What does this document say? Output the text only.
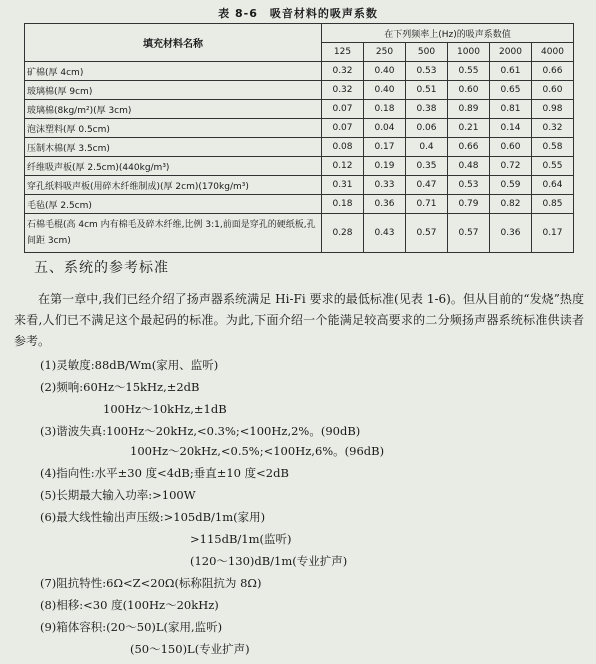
表 8-6　吸音材料的吸声系数
填充材料名称	在下列频率上(Hz)的吸声系数值					
	125	250	500	1000	2000	4000
矿棉(厚 4cm)	0.32	0.40	0.53	0.55	0.61	0.66
玻璃棉(厚 9cm)	0.32	0.40	0.51	0.60	0.65	0.60
玻璃棉(8kg/m²)(厚 3cm)	0.07	0.18	0.38	0.89	0.81	0.98
泡沫塑料(厚 0.5cm)	0.07	0.04	0.06	0.21	0.14	0.32
压制木棉(厚 3.5cm)	0.08	0.17	0.4	0.66	0.60	0.58
纤维吸声板(厚 2.5cm)(440kg/m³)	0.12	0.19	0.35	0.48	0.72	0.55
穿孔纸料吸声板(用碎木纤维制成)(厚 2cm)(170kg/m³)	0.31	0.33	0.47	0.53	0.59	0.64
毛毡(厚 2.5cm)	0.18	0.36	0.71	0.79	0.82	0.85
石棉毛棍(高 4cm 内有棉毛及碎木纤维,比例 3:1,前面是穿孔的硬纸板,孔间距 3cm)	0.28	0.43	0.57	0.57	0.36	0.17
五、系统的参考标准
在第一章中,我们已经介绍了扬声器系统满足 Hi-Fi 要求的最低标准(见表 1-6)。但从目前的“发烧”热度来看,人们已不满足这个最起码的标准。为此,下面介绍一个能满足较高要求的二分频扬声器系统标准供读者参考。
(1)灵敏度:88dB/Wm(家用、监听)
(2)频响:60Hz～15kHz,±2dB
100Hz～10kHz,±1dB
(3)谐波失真:100Hz～20kHz,<0.3%;<100Hz,2%。(90dB)
100Hz～20kHz,<0.5%;<100Hz,6%。(96dB)
(4)指向性:水平±30 度<4dB;垂直±10 度<2dB
(5)长期最大输入功率:>100W
(6)最大线性输出声压级:>105dB/1m(家用)
>115dB/1m(监听)
(120～130)dB/1m(专业扩声)
(7)阻抗特性:6Ω<Z<20Ω(标称阻抗为 8Ω)
(8)相移:<30 度(100Hz～20kHz)
(9)箱体容积:(20～50)L(家用,监听)
(50～150)L(专业扩声)
